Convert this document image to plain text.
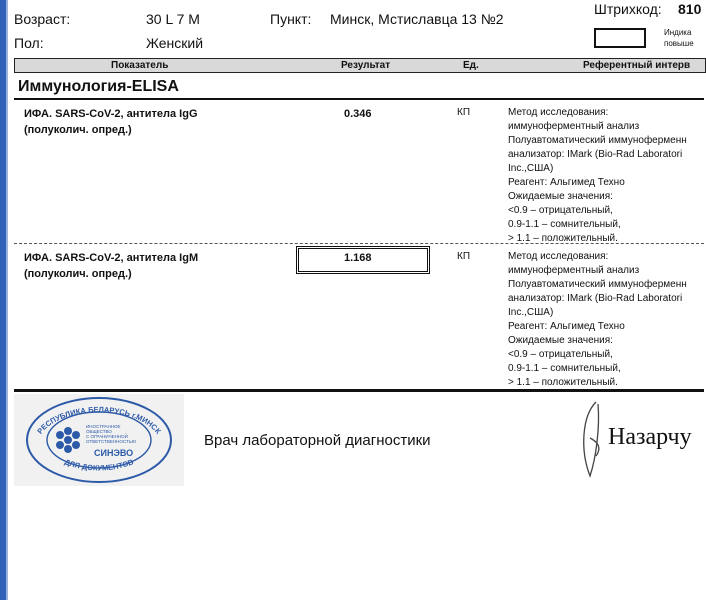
Возраст:	30 L 7 M	Пункт: Минск, Мстиславца 13 №2
Штрихкод: 810
Пол:	Женский
Индика
повыше
Показатель	Результат	Ед.	Референтный интерв
Иммунология-ELISA
ИФА. SARS-CoV-2, антитела IgG
(полуколич. опред.)
0.346	КП	Метод исследования:
иммуноферментный анализ
Полуавтоматический иммуноферменн
анализатор: IMark (Bio-Rad Laboratori
Inc.,США)
Реагент: Альгимед Техно
Ожидаемые значения:
<0.9 – отрицательный,
0.9-1.1 – сомнительный,
> 1.1 – положительный.
ИФА. SARS-CoV-2, антитела IgM
(полуколич. опред.)
1.168	КП	Метод исследования:
иммуноферментный анализ
Полуавтоматический иммуноферменн
анализатор: IMark (Bio-Rad Laboratori
Inc.,США)
Реагент: Альгимед Техно
Ожидаемые значения:
<0.9 – отрицательный,
0.9-1.1 – сомнительный,
> 1.1 – положительный.
РЕСПУБЛИКА БЕЛАРУСЬ г.МИНСК
ДЛЯ ДОКУМЕНТОВ
ИНОСТРАННОЕ ОБЩЕСТВО С ОГРАНИЧЕННОЙ ОТВЕТСТВЕННОСТЬЮ
СИНЭВО
Врач лабораторной диагностики	Назарчу
